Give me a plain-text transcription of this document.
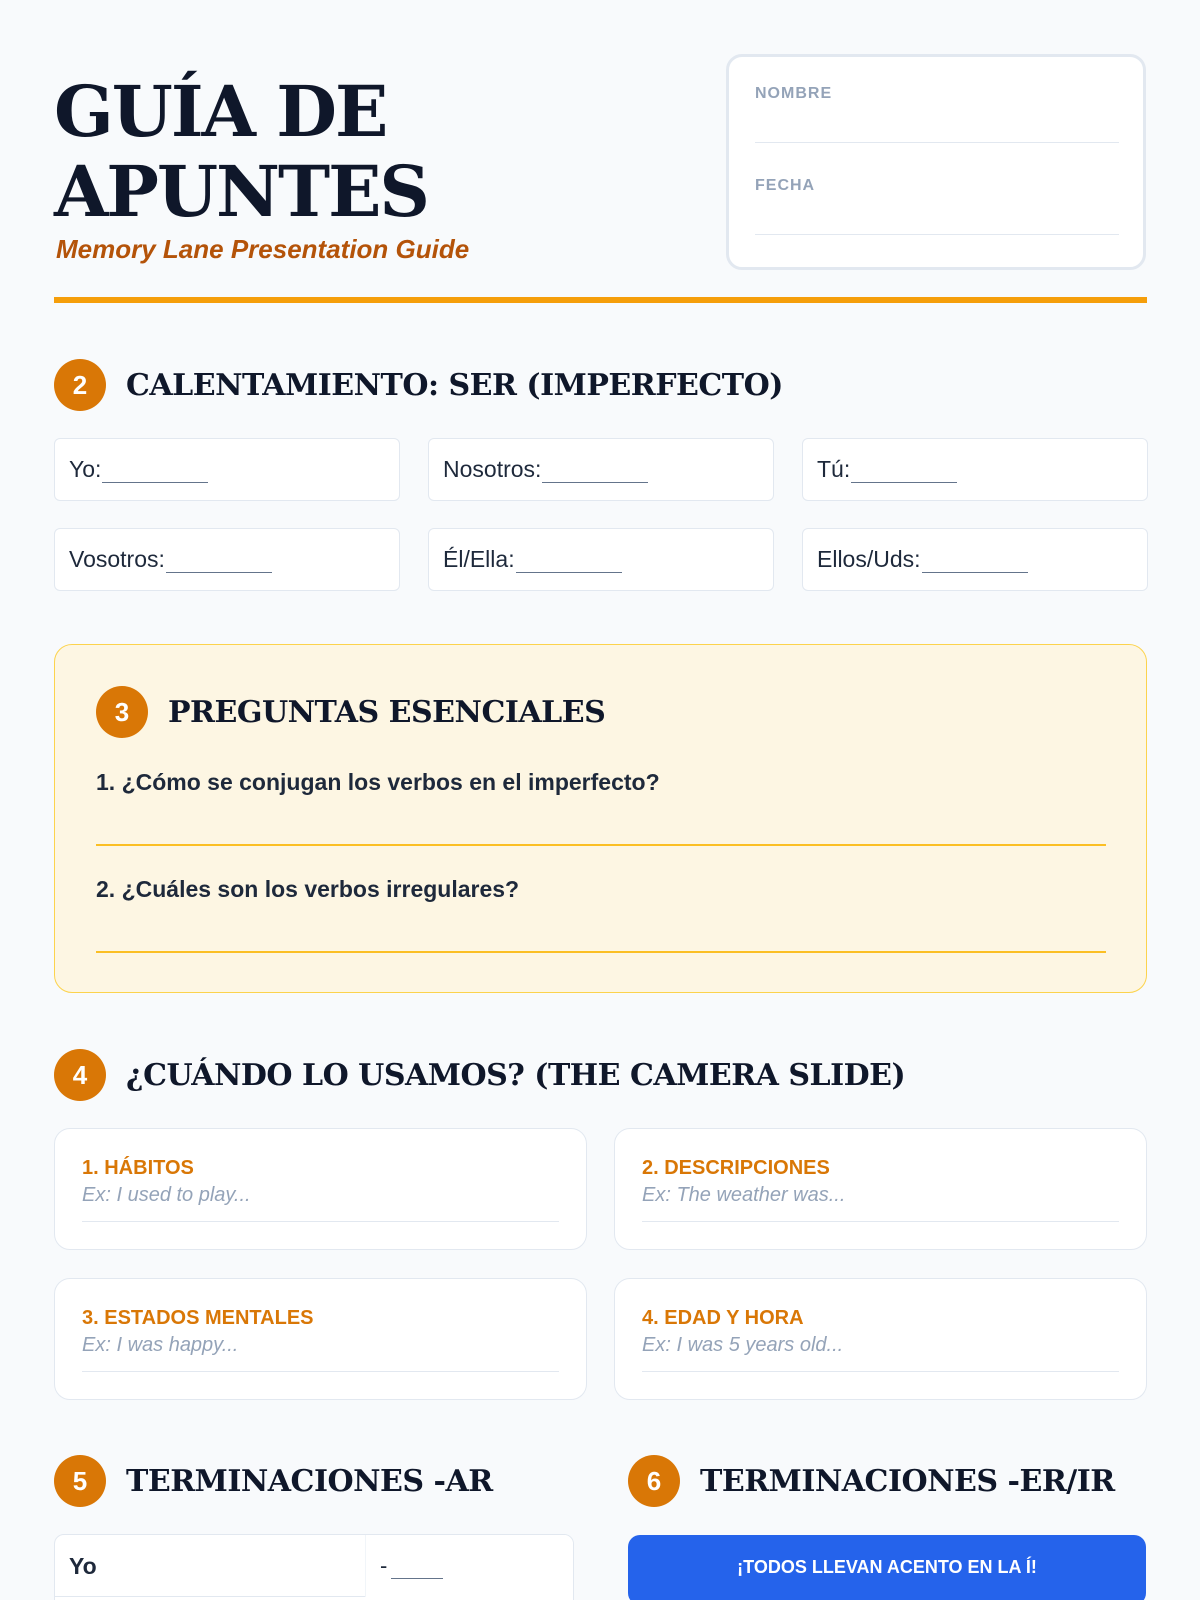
GUÍA DE
APUNTES
Memory Lane Presentation Guide
NOMBRE
FECHA
2	CALENTAMIENTO: SER (IMPERFECTO)
Yo:	Nosotros:	Tú:
Vosotros:	Él/Ella:	Ellos/Uds:
3	PREGUNTAS ESENCIALES
1. ¿Cómo se conjugan los verbos en el imperfecto?
2. ¿Cuáles son los verbos irregulares?
4	¿CUÁNDO LO USAMOS? (THE CAMERA SLIDE)
1. HÁBITOS
Ex: I used to play...
2. DESCRIPCIONES
Ex: The weather was...
3. ESTADOS MENTALES
Ex: I was happy...
4. EDAD Y HORA
Ex: I was 5 years old...
5	TERMINACIONES -AR
Yo	-
6	TERMINACIONES -ER/IR
¡TODOS LLEVAN ACENTO EN LA Í!
